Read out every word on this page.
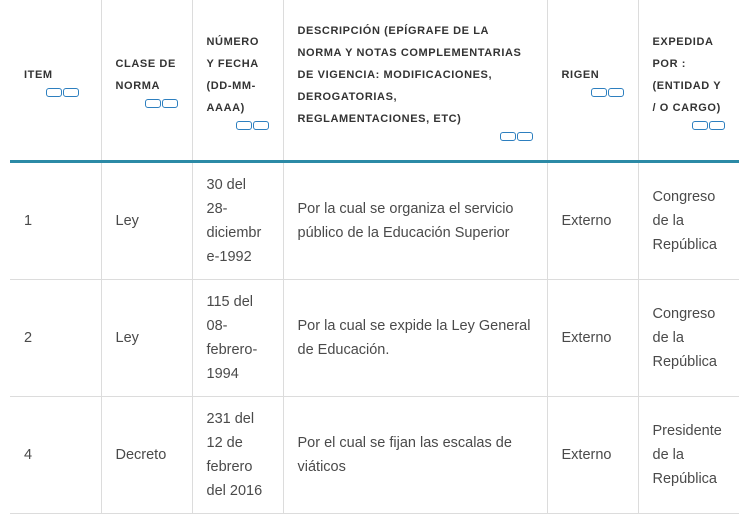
ITEM	CLASE DE NORMA	NÚMERO Y FECHA (DD-MM-AAAA)	DESCRIPCIÓN (EPÍGRAFE DE LA NORMA Y NOTAS COMPLEMENTARIAS DE VIGENCIA: MODIFICACIONES, DEROGATORIAS, REGLAMENTACIONES, ETC)	RIGEN	EXPEDIDA POR : (ENTIDAD Y / O CARGO)

1	Ley	30 del 28-diciembre-1992	Por la cual se organiza el servicio público de la Educación Superior	Externo	Congreso de la República
2	Ley	115 del 08-febrero-1994	Por la cual se expide la Ley General de Educación.	Externo	Congreso de la República
4	Decreto	231 del 12 de febrero del 2016	Por el cual se fijan las escalas de viáticos	Externo	Presidente de la República
